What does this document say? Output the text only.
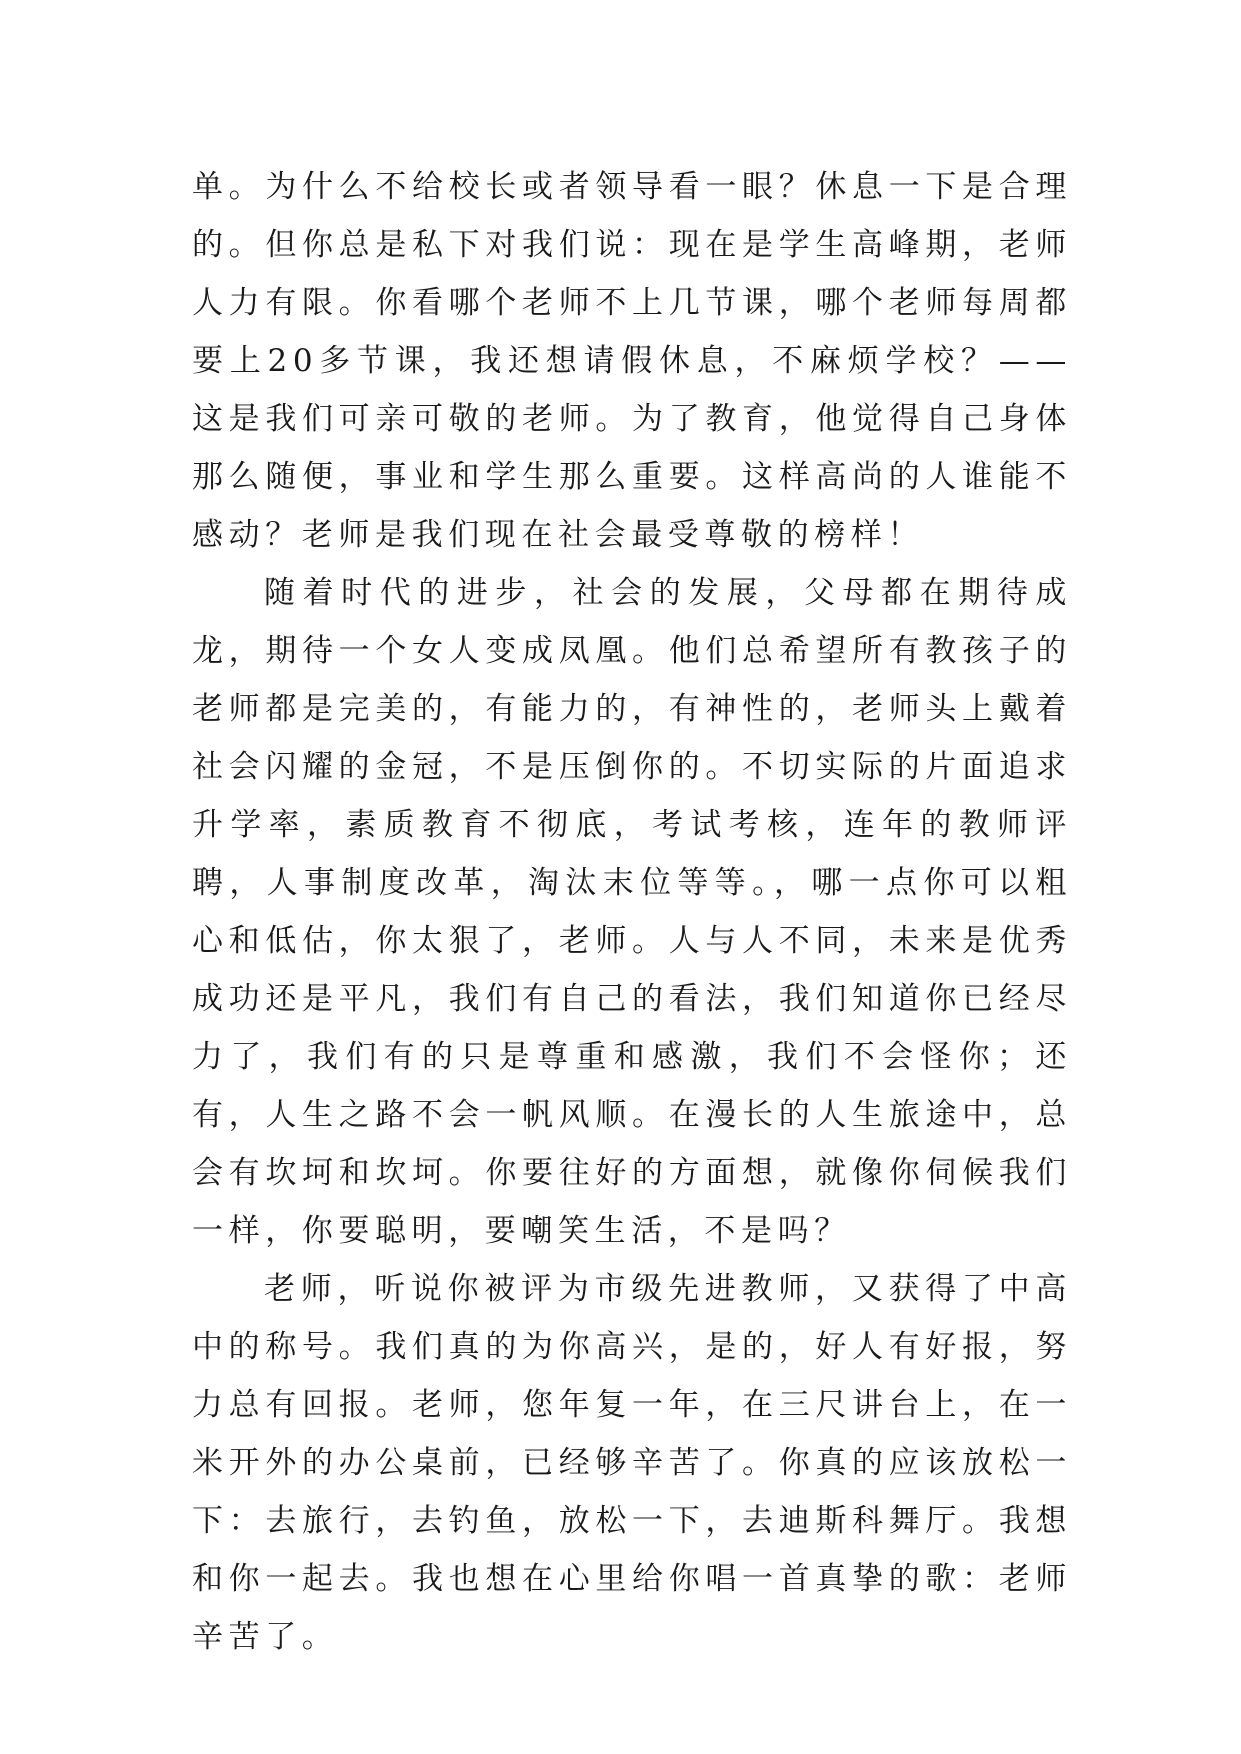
单。为什么不给校长或者领导看一眼？休息一下是合理的。但你总是私下对我们说：现在是学生高峰期，老师人力有限。你看哪个老师不上几节课，哪个老师每周都要上20多节课，我还想请假休息，不麻烦学校？——这是我们可亲可敬的老师。为了教育，他觉得自己身体那么随便，事业和学生那么重要。这样高尚的人谁能不感动？老师是我们现在社会最受尊敬的榜样！

随着时代的进步，社会的发展，父母都在期待成龙，期待一个女人变成凤凰。他们总希望所有教孩子的老师都是完美的，有能力的，有神性的，老师头上戴着社会闪耀的金冠，不是压倒你的。不切实际的片面追求升学率，素质教育不彻底，考试考核，连年的教师评聘，人事制度改革，淘汰末位等等。，哪一点你可以粗心和低估，你太狠了，老师。人与人不同，未来是优秀成功还是平凡，我们有自己的看法，我们知道你已经尽力了，我们有的只是尊重和感激，我们不会怪你；还有，人生之路不会一帆风顺。在漫长的人生旅途中，总会有坎坷和坎坷。你要往好的方面想，就像你伺候我们一样，你要聪明，要嘲笑生活，不是吗？

老师，听说你被评为市级先进教师，又获得了中高中的称号。我们真的为你高兴，是的，好人有好报，努力总有回报。老师，您年复一年，在三尺讲台上，在一米开外的办公桌前，已经够辛苦了。你真的应该放松一下：去旅行，去钓鱼，放松一下，去迪斯科舞厅。我想和你一起去。我也想在心里给你唱一首真挚的歌：老师辛苦了。
